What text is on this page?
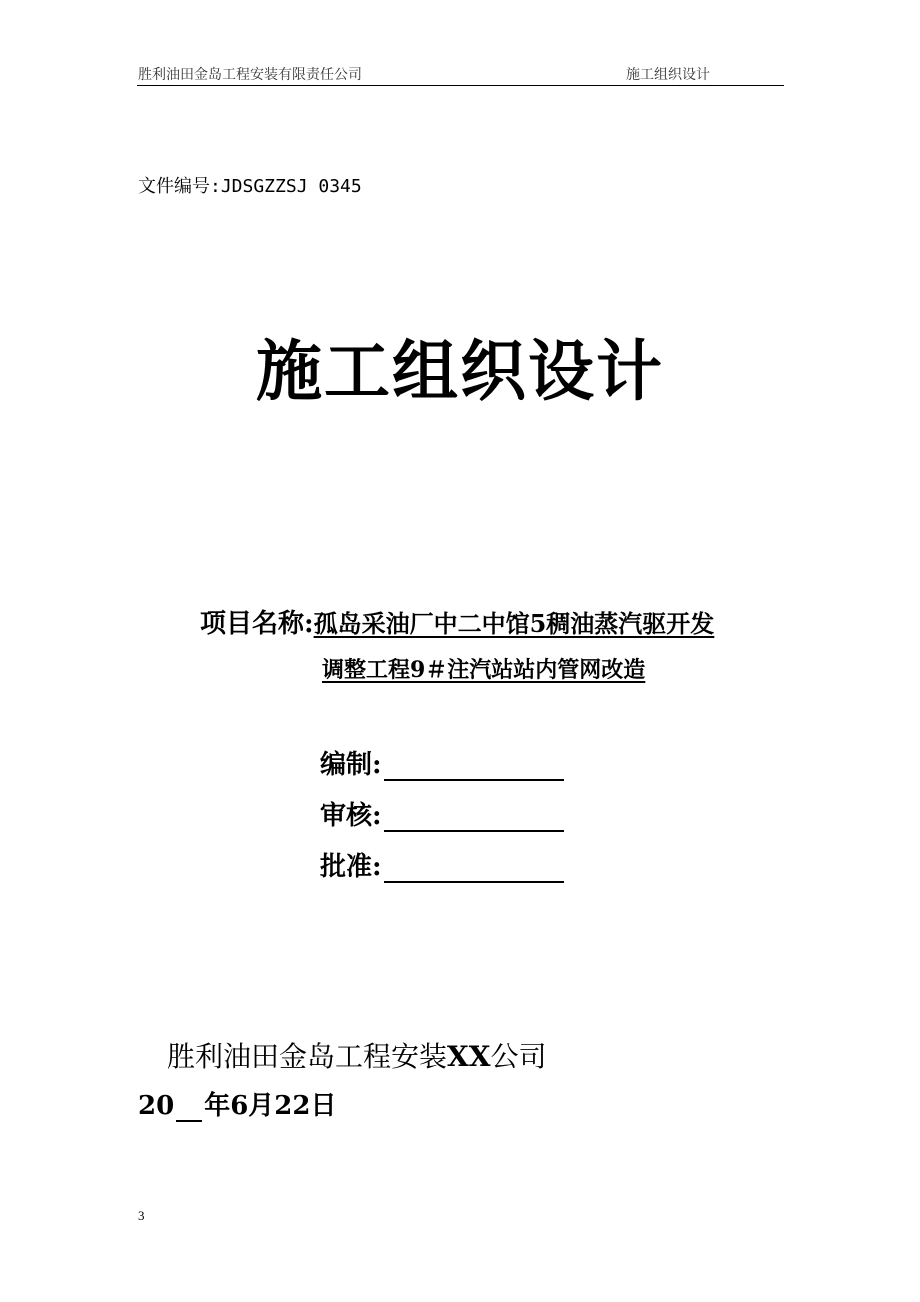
胜利油田金岛工程安装有限责任公司	施工组织设计
文件编号:JDSGZZSJ 0345
施工组织设计
项目名称:孤岛采油厂中二中馆5稠油蒸汽驱开发
调整工程9＃注汽站站内管网改造
编制:
审核:
批准:
胜利油田金岛工程安装XX公司
20 年6月22日
3
